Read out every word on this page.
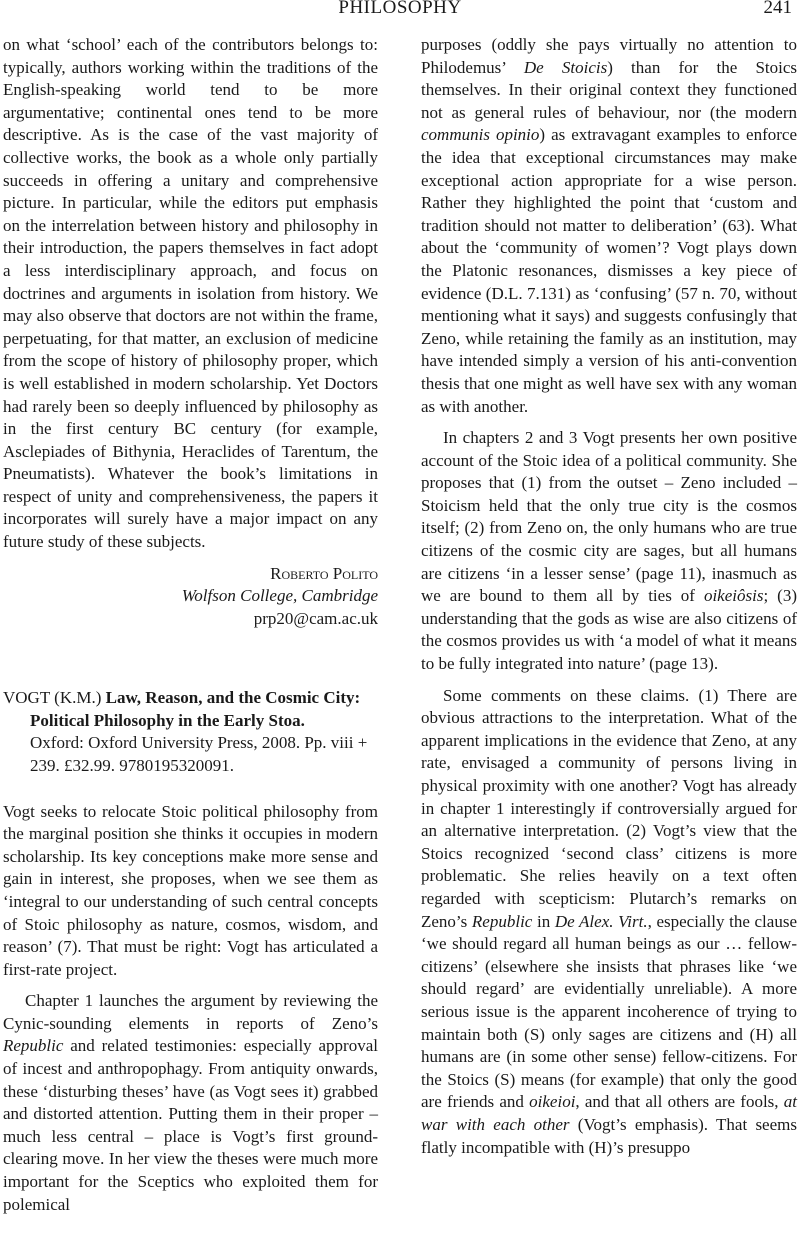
PHILOSOPHY	241

on what ‘school’ each of the contributors belongs to: typically, authors working within the traditions of the English-speaking world tend to be more argumentative; continental ones tend to be more descriptive. As is the case of the vast majority of collective works, the book as a whole only partially succeeds in offering a unitary and comprehensive picture. In particular, while the editors put emphasis on the interrelation between history and philosophy in their introduction, the papers themselves in fact adopt a less interdisciplinary approach, and focus on doctrines and arguments in isolation from history. We may also observe that doctors are not within the frame, perpetuating, for that matter, an exclusion of medicine from the scope of history of philosophy proper, which is well established in modern scholarship. Yet Doctors had rarely been so deeply influenced by philosophy as in the first century BC century (for example, Asclepiades of Bithynia, Heraclides of Tarentum, the Pneumatists). Whatever the book’s limitations in respect of unity and comprehensiveness, the papers it incorporates will surely have a major impact on any future study of these subjects.

Roberto Polito

Wolfson College, Cambridge

prp20@cam.ac.uk

VOGT (K.M.) Law, Reason, and the Cosmic City: Political Philosophy in the Early Stoa.
Oxford: Oxford University Press, 2008. Pp. viii + 239. £32.99. 9780195320091.

Vogt seeks to relocate Stoic political philosophy from the marginal position she thinks it occupies in modern scholarship. Its key conceptions make more sense and gain in interest, she proposes, when we see them as ‘integral to our understanding of such central concepts of Stoic philosophy as nature, cosmos, wisdom, and reason’ (7). That must be right: Vogt has articulated a first-rate project.

Chapter 1 launches the argument by reviewing the Cynic-sounding elements in reports of Zeno’s Republic and related testimonies: especially approval of incest and anthropophagy. From antiquity onwards, these ‘disturbing theses’ have (as Vogt sees it) grabbed and distorted attention. Putting them in their proper – much less central – place is Vogt’s first ground-clearing move. In her view the theses were much more important for the Sceptics who exploited them for polemical

purposes (oddly she pays virtually no attention to Philodemus’ De Stoicis) than for the Stoics themselves. In their original context they functioned not as general rules of behaviour, nor (the modern communis opinio) as extravagant examples to enforce the idea that exceptional circumstances may make exceptional action appropriate for a wise person. Rather they highlighted the point that ‘custom and tradition should not matter to deliberation’ (63). What about the ‘community of women’? Vogt plays down the Platonic resonances, dismisses a key piece of evidence (D.L. 7.131) as ‘confusing’ (57 n. 70, without mentioning what it says) and suggests confusingly that Zeno, while retaining the family as an institution, may have intended simply a version of his anti-convention thesis that one might as well have sex with any woman as with another.

In chapters 2 and 3 Vogt presents her own positive account of the Stoic idea of a political community. She proposes that (1) from the outset – Zeno included – Stoicism held that the only true city is the cosmos itself; (2) from Zeno on, the only humans who are true citizens of the cosmic city are sages, but all humans are citizens ‘in a lesser sense’ (page 11), inasmuch as we are bound to them all by ties of oikeiôsis; (3) understanding that the gods as wise are also citizens of the cosmos provides us with ‘a model of what it means to be fully integrated into nature’ (page 13).

Some comments on these claims. (1) There are obvious attractions to the interpretation. What of the apparent implications in the evidence that Zeno, at any rate, envisaged a community of persons living in physical proximity with one another? Vogt has already in chapter 1 interestingly if controversially argued for an alternative interpretation. (2) Vogt’s view that the Stoics recognized ‘second class’ citizens is more problematic. She relies heavily on a text often regarded with scepticism: Plutarch’s remarks on Zeno’s Republic in De Alex. Virt., especially the clause ‘we should regard all human beings as our … fellow-citizens’ (elsewhere she insists that phrases like ‘we should regard’ are evidentially unreliable). A more serious issue is the apparent incoherence of trying to maintain both (S) only sages are citizens and (H) all humans are (in some other sense) fellow-citizens. For the Stoics (S) means (for example) that only the good are friends and oikeioi, and that all others are fools, at war with each other (Vogt’s emphasis). That seems flatly incompatible with (H)’s presuppo
